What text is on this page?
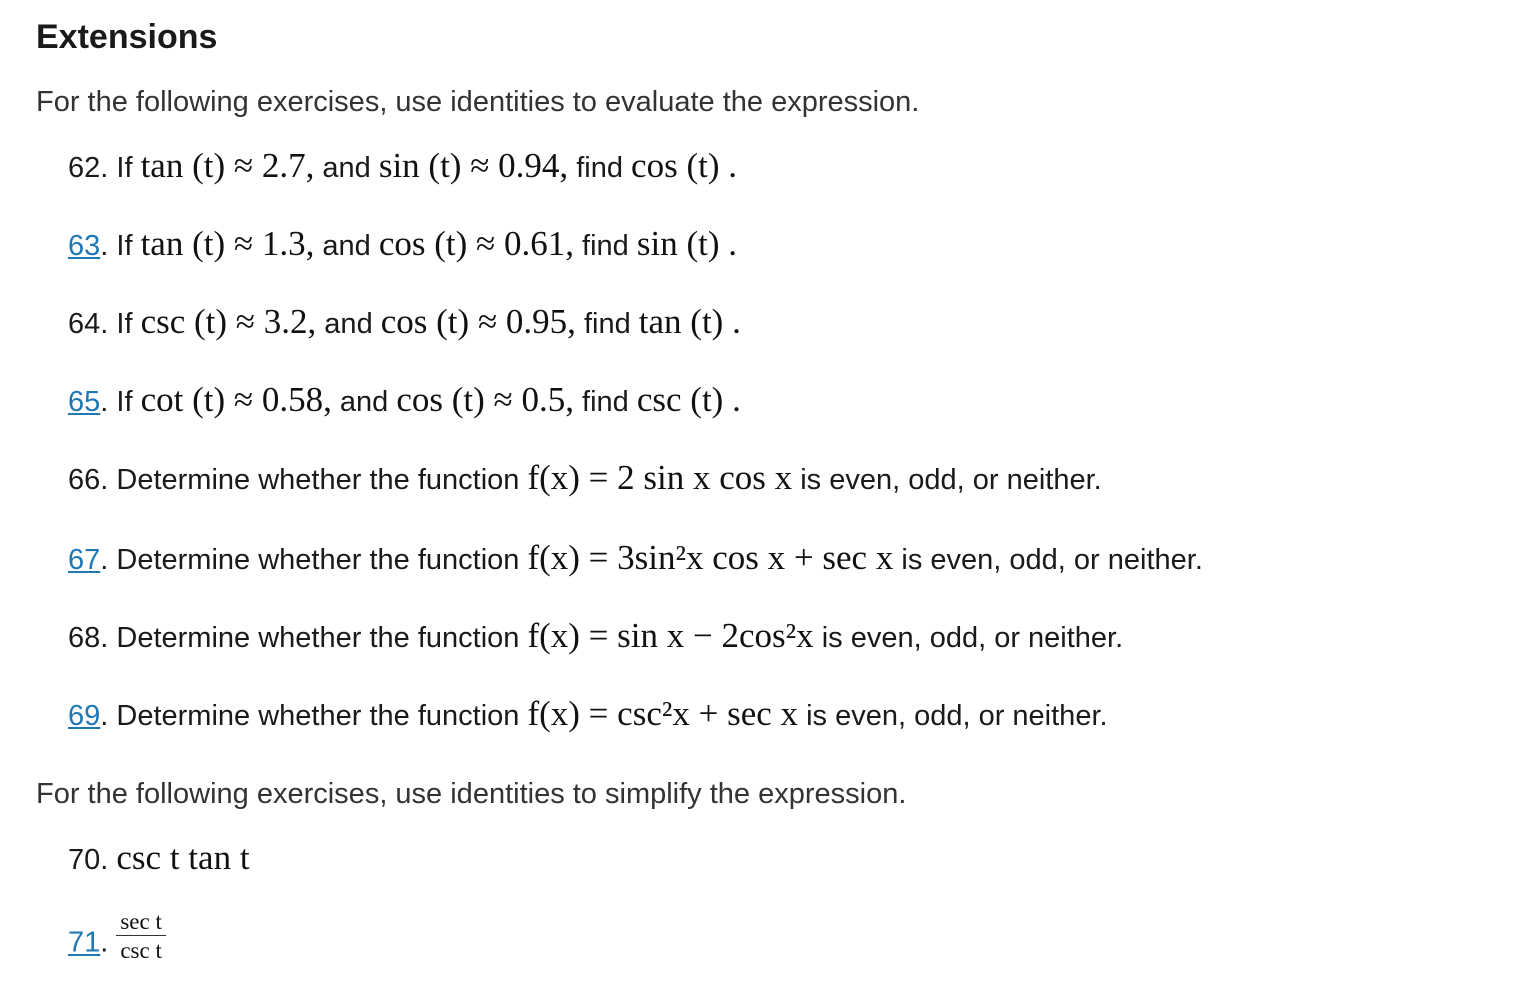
Extensions

For the following exercises, use identities to evaluate the expression.

62. If tan (t) ≈ 2.7, and sin (t) ≈ 0.94, find cos (t) .
63. If tan (t) ≈ 1.3, and cos (t) ≈ 0.61, find sin (t) .
64. If csc (t) ≈ 3.2, and cos (t) ≈ 0.95, find tan (t) .
65. If cot (t) ≈ 0.58, and cos (t) ≈ 0.5, find csc (t) .
66. Determine whether the function f(x) = 2 sin x cos x is even, odd, or neither.
67. Determine whether the function f(x) = 3sin²x cos x + sec x is even, odd, or neither.
68. Determine whether the function f(x) = sin x − 2cos²x is even, odd, or neither.
69. Determine whether the function f(x) = csc²x + sec x is even, odd, or neither.

For the following exercises, use identities to simplify the expression.

70. csc t tan t
71. $\frac{\text{sec t}}{\text{csc t}}$
